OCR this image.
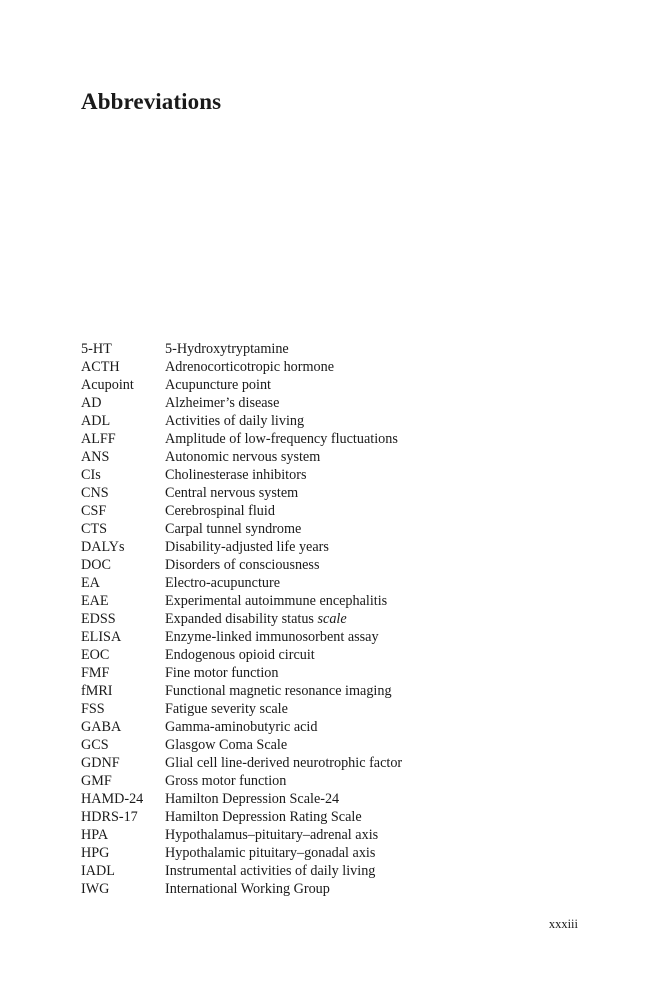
Abbreviations
5-HT	5-Hydroxytryptamine
ACTH	Adrenocorticotropic hormone
Acupoint	Acupuncture point
AD	Alzheimer’s disease
ADL	Activities of daily living
ALFF	Amplitude of low-frequency fluctuations
ANS	Autonomic nervous system
CIs	Cholinesterase inhibitors
CNS	Central nervous system
CSF	Cerebrospinal fluid
CTS	Carpal tunnel syndrome
DALYs	Disability-adjusted life years
DOC	Disorders of consciousness
EA	Electro-acupuncture
EAE	Experimental autoimmune encephalitis
EDSS	Expanded disability status scale
ELISA	Enzyme-linked immunosorbent assay
EOC	Endogenous opioid circuit
FMF	Fine motor function
fMRI	Functional magnetic resonance imaging
FSS	Fatigue severity scale
GABA	Gamma-aminobutyric acid
GCS	Glasgow Coma Scale
GDNF	Glial cell line-derived neurotrophic factor
GMF	Gross motor function
HAMD-24	Hamilton Depression Scale-24
HDRS-17	Hamilton Depression Rating Scale
HPA	Hypothalamus–pituitary–adrenal axis
HPG	Hypothalamic pituitary–gonadal axis
IADL	Instrumental activities of daily living
IWG	International Working Group
xxxiii
